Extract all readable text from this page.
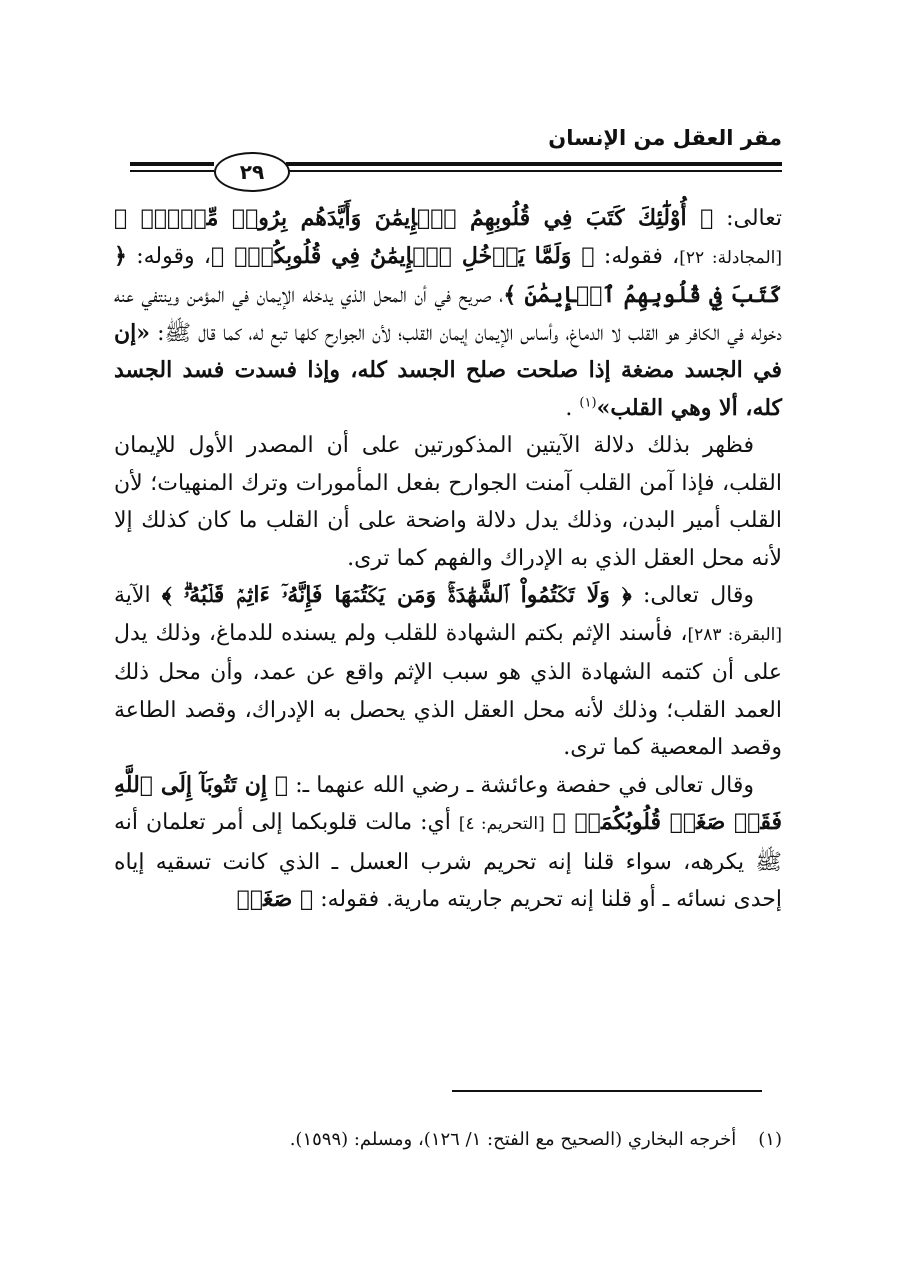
مقر العقل من الإنسان
٢٩

تعالى: ﴿ أُوْلَٰٓئِكَ كَتَبَ فِي قُلُوبِهِمُ ٱلۡإِيمَٰنَ وَأَيَّدَهُم بِرُوحٖ مِّنۡهُۖ ﴾ [المجادلة: ٢٢]، فقوله: ﴿ وَلَمَّا يَدۡخُلِ ٱلۡإِيمَٰنُ فِي قُلُوبِكُمۡۖ ﴾، وقوله: ﴿ كَتَبَ فِي قُلُوبِهِمُ ٱلۡإِيمَٰنَ ﴾، صريح في أن المحل الذي يدخله الإيمان في المؤمن وينتفي عنه دخوله في الكافر هو القلب لا الدماغ، وأساس الإيمان إيمان القلب؛ لأن الجوارح كلها تبع له، كما قال ﷺ: «إن في الجسد مضغة إذا صلحت صلح الجسد كله، وإذا فسدت فسد الجسد كله، ألا وهي القلب»$^{(١)}$ .

فظهر بذلك دلالة الآيتين المذكورتين على أن المصدر الأول للإيمان القلب، فإذا آمن القلب آمنت الجوارح بفعل المأمورات وترك المنهيات؛ لأن القلب أمير البدن، وذلك يدل دلالة واضحة على أن القلب ما كان كذلك إلا لأنه محل العقل الذي به الإدراك والفهم كما ترى.

وقال تعالى: ﴿ وَلَا تَكۡتُمُواْ ٱلشَّهَٰدَةَۚ وَمَن يَكۡتُمۡهَا فَإِنَّهُۥٓ ءَاثِمٞ قَلۡبُهُۥۗ ﴾ الآية [البقرة: ٢٨٣]، فأسند الإثم بكتم الشهادة للقلب ولم يسنده للدماغ، وذلك يدل على أن كتمه الشهادة الذي هو سبب الإثم واقع عن عمد، وأن محل ذلك العمد القلب؛ وذلك لأنه محل العقل الذي يحصل به الإدراك، وقصد الطاعة وقصد المعصية كما ترى.

وقال تعالى في حفصة وعائشة ـ رضي الله عنهما ـ: ﴿ إِن تَتُوبَآ إِلَى ٱللَّهِ فَقَدۡ صَغَتۡ قُلُوبُكُمَاۖ ﴾ [التحريم: ٤] أي: مالت قلوبكما إلى أمر تعلمان أنه ﷺ يكرهه، سواء قلنا إنه تحريم شرب العسل ـ الذي كانت تسقيه إياه إحدى نسائه ـ أو قلنا إنه تحريم جاريته مارية. فقوله: ﴿ صَغَتۡ

(١)أخرجه البخاري (الصحيح مع الفتح: ١/ ١٢٦)، ومسلم: (١٥٩٩).
